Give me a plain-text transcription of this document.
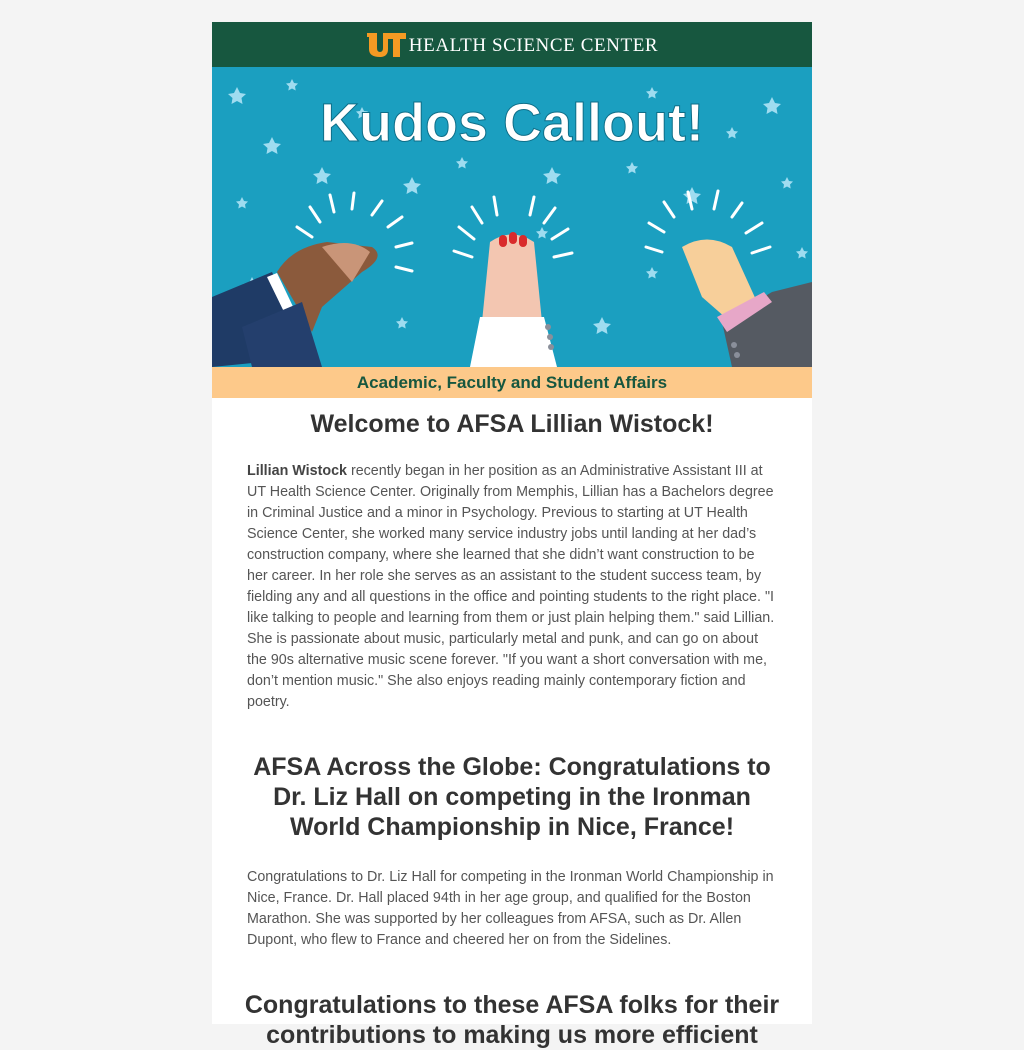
HEALTH SCIENCE CENTER
Kudos Callout!
Academic, Faculty and Student Affairs
Welcome to AFSA Lillian Wistock!

Lillian Wistock recently began in her position as an Administrative Assistant III at UT Health Science Center. Originally from Memphis, Lillian has a Bachelors degree in Criminal Justice and a minor in Psychology. Previous to starting at UT Health Science Center, she worked many service industry jobs until landing at her dad’s construction company, where she learned that she didn’t want construction to be her career. In her role she serves as an assistant to the student success team, by fielding any and all questions in the office and pointing students to the right place. "I like talking to people and learning from them or just plain helping them." said Lillian. She is passionate about music, particularly metal and punk, and can go on about the 90s alternative music scene forever. "If you want a short conversation with me, don’t mention music." She also enjoys reading mainly contemporary fiction and poetry.

AFSA Across the Globe: Congratulations to Dr. Liz Hall on competing in the Ironman World Championship in Nice, France!

Congratulations to Dr. Liz Hall for competing in the Ironman World Championship in Nice, France. Dr. Hall placed 94th in her age group, and qualified for the Boston Marathon. She was supported by her colleagues from AFSA, such as Dr. Allen Dupont, who flew to France and cheered her on from the Sidelines.

Congratulations to these AFSA folks for their contributions to making us more efficient
